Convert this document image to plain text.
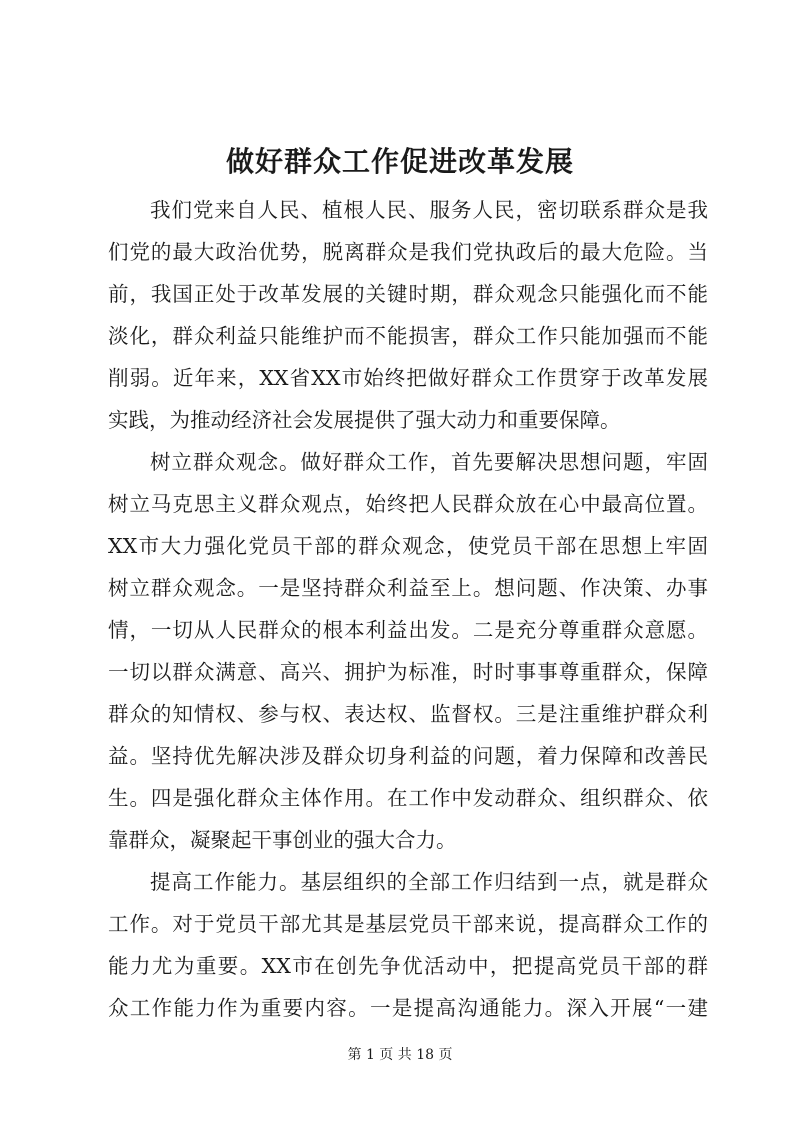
做好群众工作促进改革发展
我们党来自人民、植根人民、服务人民，密切联系群众是我
们党的最大政治优势，脱离群众是我们党执政后的最大危险。当
前，我国正处于改革发展的关键时期，群众观念只能强化而不能
淡化，群众利益只能维护而不能损害，群众工作只能加强而不能
削弱。近年来，XX省XX市始终把做好群众工作贯穿于改革发展
实践，为推动经济社会发展提供了强大动力和重要保障。
树立群众观念。做好群众工作，首先要解决思想问题，牢固
树立马克思主义群众观点，始终把人民群众放在心中最高位置。
XX市大力强化党员干部的群众观念，使党员干部在思想上牢固
树立群众观念。一是坚持群众利益至上。想问题、作决策、办事
情，一切从人民群众的根本利益出发。二是充分尊重群众意愿。
一切以群众满意、高兴、拥护为标准，时时事事尊重群众，保障
群众的知情权、参与权、表达权、监督权。三是注重维护群众利
益。坚持优先解决涉及群众切身利益的问题，着力保障和改善民
生。四是强化群众主体作用。在工作中发动群众、组织群众、依
靠群众，凝聚起干事创业的强大合力。
提高工作能力。基层组织的全部工作归结到一点，就是群众
工作。对于党员干部尤其是基层党员干部来说，提高群众工作的
能力尤为重要。XX市在创先争优活动中，把提高党员干部的群
众工作能力作为重要内容。一是提高沟通能力。深入开展“一建
第 1 页 共 18 页
